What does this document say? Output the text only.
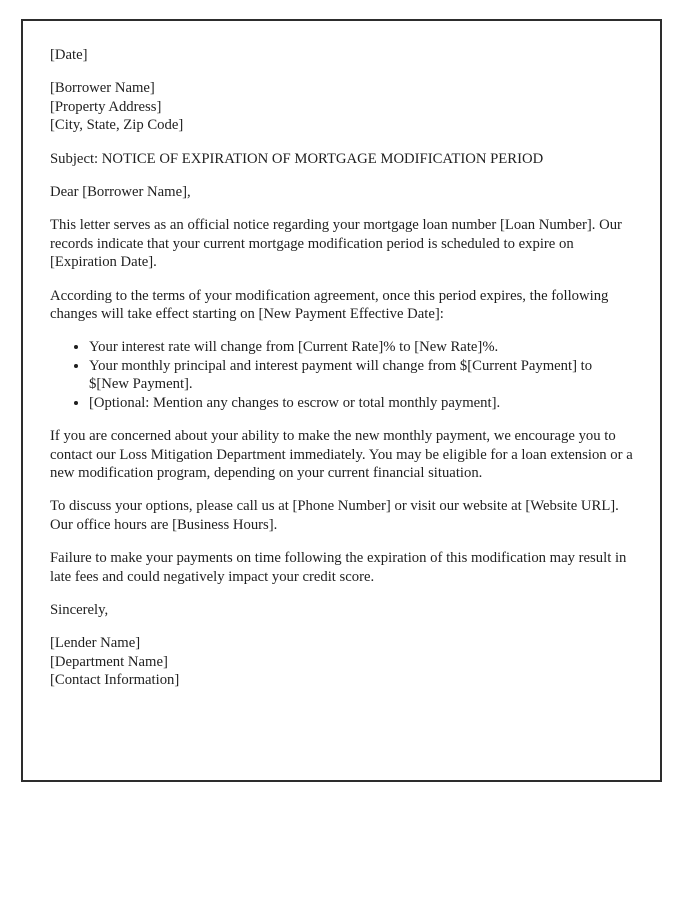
[Date]

[Borrower Name]
[Property Address]
[City, State, Zip Code]

Subject: NOTICE OF EXPIRATION OF MORTGAGE MODIFICATION PERIOD

Dear [Borrower Name],

This letter serves as an official notice regarding your mortgage loan number [Loan Number]. Our records indicate that your current mortgage modification period is scheduled to expire on [Expiration Date].

According to the terms of your modification agreement, once this period expires, the following changes will take effect starting on [New Payment Effective Date]:

• Your interest rate will change from [Current Rate]% to [New Rate]%.
• Your monthly principal and interest payment will change from $[Current Payment] to $[New Payment].
• [Optional: Mention any changes to escrow or total monthly payment].

If you are concerned about your ability to make the new monthly payment, we encourage you to contact our Loss Mitigation Department immediately. You may be eligible for a loan extension or a new modification program, depending on your current financial situation.

To discuss your options, please call us at [Phone Number] or visit our website at [Website URL]. Our office hours are [Business Hours].

Failure to make your payments on time following the expiration of this modification may result in late fees and could negatively impact your credit score.

Sincerely,

[Lender Name]
[Department Name]
[Contact Information]
